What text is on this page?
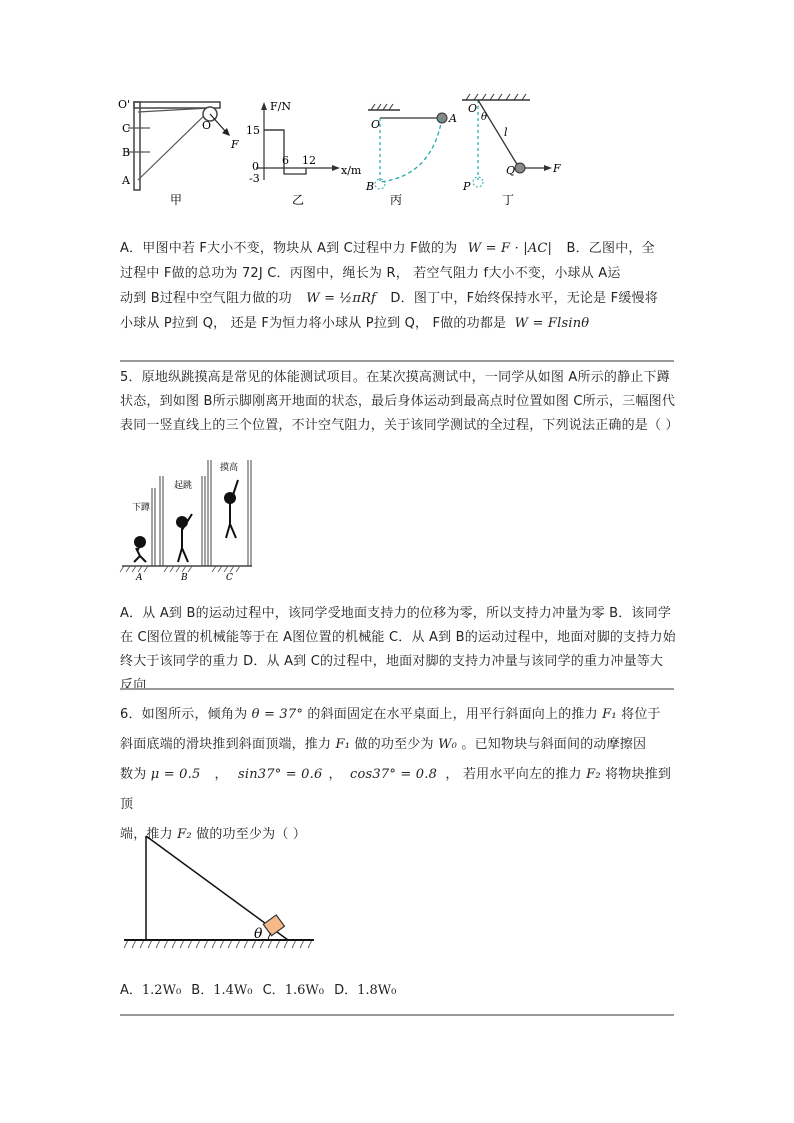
O'
C
B
A
O
F
甲
F/N
x/m
15
0
-3
6 12
乙
O	A
B
丙
O
θ
l
P
Q	F
丁
A．甲图中若 F大小不变，物块从 A到 C过程中力 F做的为 W = F · |AC| B．乙图中，全
过程中 F做的总功为 72J C．丙图中，绳长为 R， 若空气阻力 f大小不变，小球从 A运
动到 B过程中空气阻力做的功 W = ½πRf D．图丁中，F始终保持水平，无论是 F缓慢将
小球从 P拉到 Q， 还是 F为恒力将小球从 P拉到 Q， F做的功都是 W = Flsinθ
5．原地纵跳摸高是常见的体能测试项目。在某次摸高测试中，一同学从如图 A所示的静止下蹲状态，到如图 B所示脚刚离开地面的状态，最后身体运动到最高点时位置如图 C所示，三幅图代表同一竖直线上的三个位置，不计空气阻力，关于该同学测试的全过程，下列说法正确的是（ ）
下蹲
起跳
摸高
A	B	C
A．从 A到 B的运动过程中，该同学受地面支持力的位移为零，所以支持力冲量为零 B．该同学在 C图位置的机械能等于在 A图位置的机械能 C．从 A到 B的运动过程中，地面对脚的支持力始终大于该同学的重力 D．从 A到 C的过程中，地面对脚的支持力冲量与该同学的重力冲量等大反向
6．如图所示，倾角为 θ = 37° 的斜面固定在水平桌面上，用平行斜面向上的推力 F₁ 将位于
斜面底端的滑块推到斜面顶端，推力 F₁ 做的功至少为 W₀ 。已知物块与斜面间的动摩擦因
数为 μ = 0.5 ， sin37° = 0.6 ， cos37° = 0.8 ， 若用水平向左的推力 F₂ 将物块推到顶
端，推力 F₂ 做的功至少为（ ）
θ
A．1.2W₀ B．1.4W₀ C．1.6W₀ D．1.8W₀
